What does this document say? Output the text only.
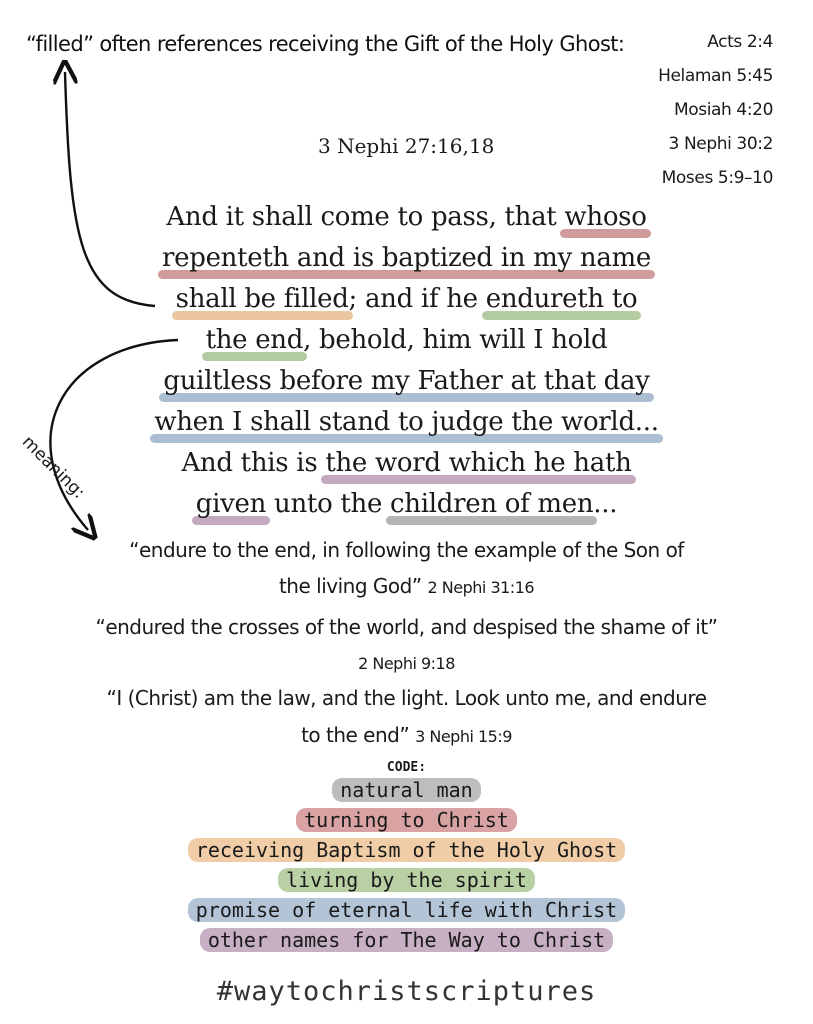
“filled” often references receiving the Gift of the Holy Ghost:	Acts 2:4
Helaman 5:45
Mosiah 4:20
3 Nephi 30:2
Moses 5:9–10
3 Nephi 27:16,18
And it shall come to pass, that whoso
repenteth and is baptized in my name
shall be filled; and if he endureth to
the end, behold, him will I hold
guiltless before my Father at that day
when I shall stand to judge the world...
And this is the word which he hath
given unto the children of men...
meaning:
“endure to the end, in following the example of the Son of
the living God” 2 Nephi 31:16
“endured the crosses of the world, and despised the shame of it”
2 Nephi 9:18
“I (Christ) am the law, and the light. Look unto me, and endure
to the end” 3 Nephi 15:9
CODE:
natural man
turning to Christ
receiving Baptism of the Holy Ghost
living by the spirit
promise of eternal life with Christ
other names for The Way to Christ
#waytochristscriptures
